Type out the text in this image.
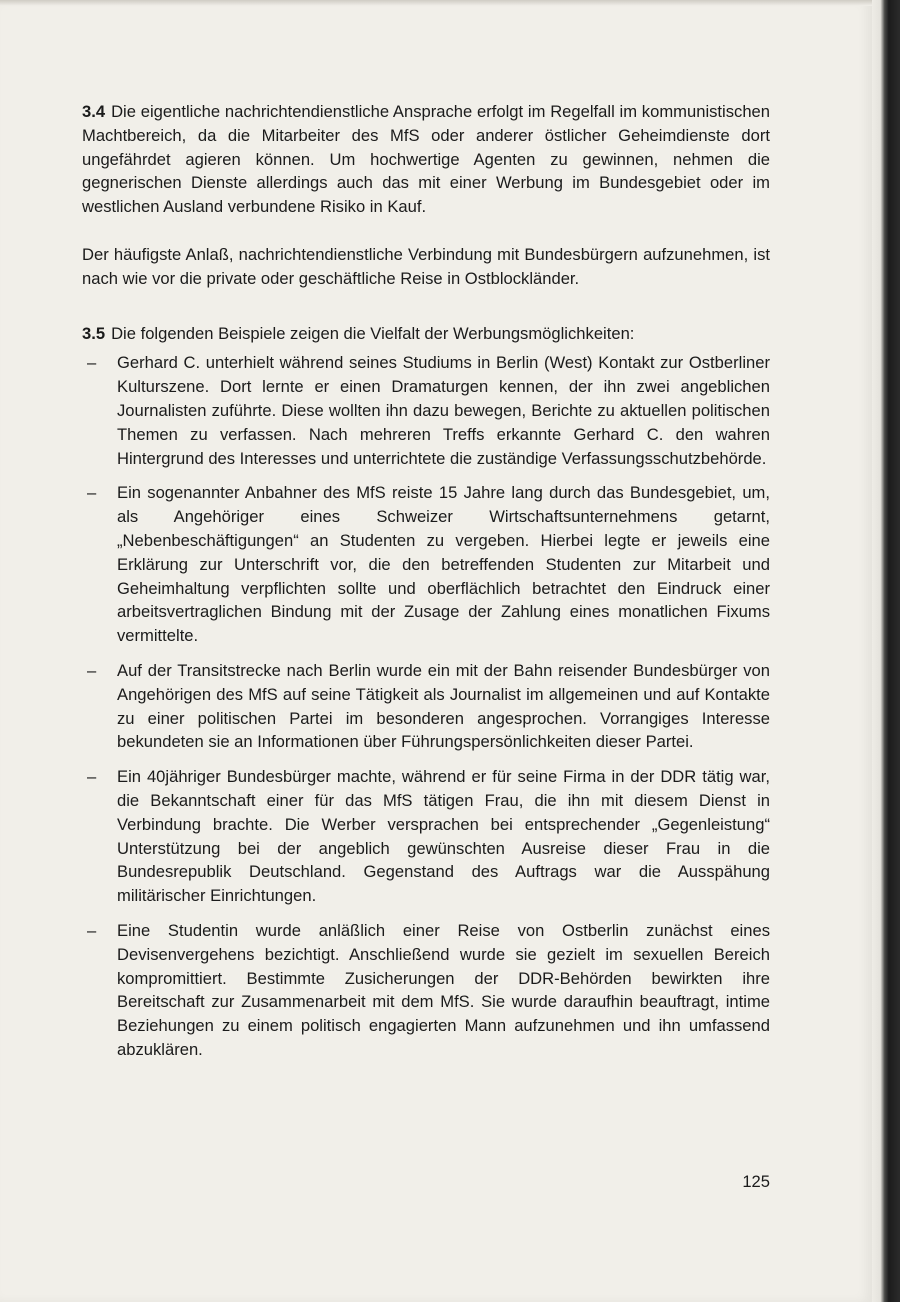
3.4 Die eigentliche nachrichtendienstliche Ansprache erfolgt im Regelfall im kommunistischen Machtbereich, da die Mitarbeiter des MfS oder anderer östlicher Geheimdienste dort ungefährdet agieren können. Um hochwertige Agenten zu gewinnen, nehmen die gegnerischen Dienste allerdings auch das mit einer Werbung im Bundesgebiet oder im westlichen Ausland verbundene Risiko in Kauf.

Der häufigste Anlaß, nachrichtendienstliche Verbindung mit Bundesbürgern aufzunehmen, ist nach wie vor die private oder geschäftliche Reise in Ostblockländer.

3.5 Die folgenden Beispiele zeigen die Vielfalt der Werbungsmöglichkeiten:

– Gerhard C. unterhielt während seines Studiums in Berlin (West) Kontakt zur Ostberliner Kulturszene. Dort lernte er einen Dramaturgen kennen, der ihn zwei angeblichen Journalisten zuführte. Diese wollten ihn dazu bewegen, Berichte zu aktuellen politischen Themen zu verfassen. Nach mehreren Treffs erkannte Gerhard C. den wahren Hintergrund des Interesses und unterrichtete die zuständige Verfassungsschutzbehörde.
– Ein sogenannter Anbahner des MfS reiste 15 Jahre lang durch das Bundesgebiet, um, als Angehöriger eines Schweizer Wirtschaftsunternehmens getarnt, „Nebenbeschäftigungen“ an Studenten zu vergeben. Hierbei legte er jeweils eine Erklärung zur Unterschrift vor, die den betreffenden Studenten zur Mitarbeit und Geheimhaltung verpflichten sollte und oberflächlich betrachtet den Eindruck einer arbeitsvertraglichen Bindung mit der Zusage der Zahlung eines monatlichen Fixums vermittelte.
– Auf der Transitstrecke nach Berlin wurde ein mit der Bahn reisender Bundesbürger von Angehörigen des MfS auf seine Tätigkeit als Journalist im allgemeinen und auf Kontakte zu einer politischen Partei im besonderen angesprochen. Vorrangiges Interesse bekundeten sie an Informationen über Führungspersönlichkeiten dieser Partei.
– Ein 40jähriger Bundesbürger machte, während er für seine Firma in der DDR tätig war, die Bekanntschaft einer für das MfS tätigen Frau, die ihn mit diesem Dienst in Verbindung brachte. Die Werber versprachen bei entsprechender „Gegenleistung“ Unterstützung bei der angeblich gewünschten Ausreise dieser Frau in die Bundesrepublik Deutschland. Gegenstand des Auftrags war die Ausspähung militärischer Einrichtungen.
– Eine Studentin wurde anläßlich einer Reise von Ostberlin zunächst eines Devisenvergehens bezichtigt. Anschließend wurde sie gezielt im sexuellen Bereich kompromittiert. Bestimmte Zusicherungen der DDR-Behörden bewirkten ihre Bereitschaft zur Zusammenarbeit mit dem MfS. Sie wurde daraufhin beauftragt, intime Beziehungen zu einem politisch engagierten Mann aufzunehmen und ihn umfassend abzuklären.
125
